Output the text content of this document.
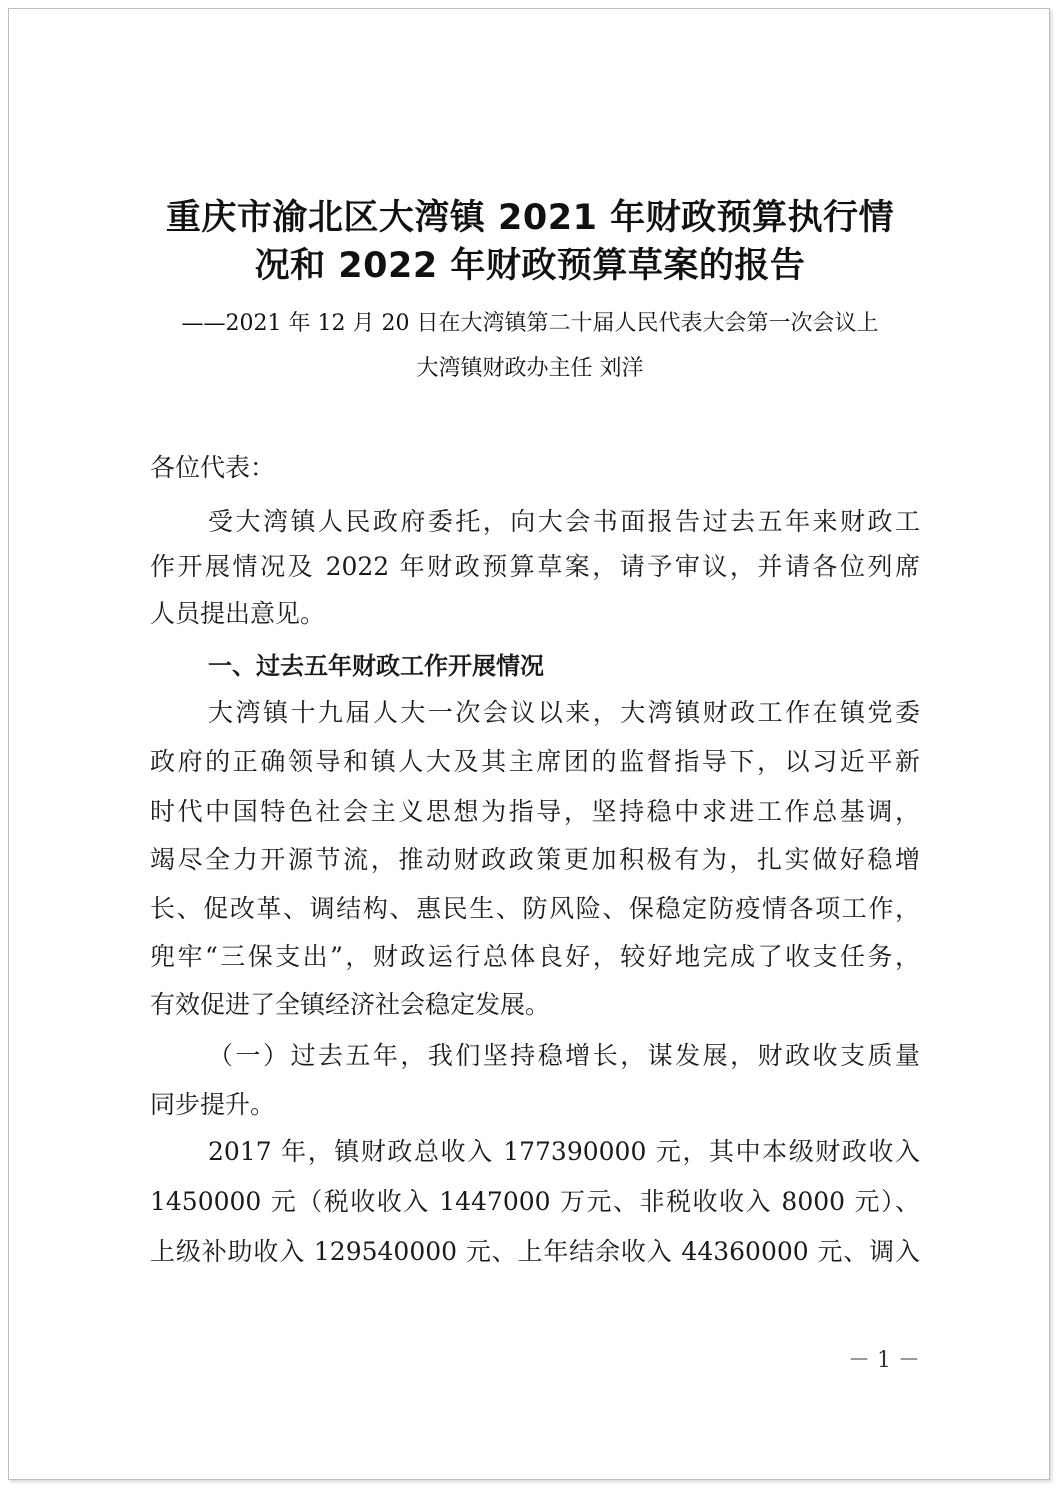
重庆市渝北区大湾镇 2021 年财政预算执行情
况和 2022 年财政预算草案的报告
——2021 年 12 月 20 日在大湾镇第二十届人民代表大会第一次会议上
大湾镇财政办主任 刘洋
各位代表：
受大湾镇人民政府委托，向大会书面报告过去五年来财政工
作开展情况及 2022 年财政预算草案，请予审议，并请各位列席
人员提出意见。
一、过去五年财政工作开展情况
大湾镇十九届人大一次会议以来，大湾镇财政工作在镇党委
政府的正确领导和镇人大及其主席团的监督指导下，以习近平新
时代中国特色社会主义思想为指导，坚持稳中求进工作总基调，
竭尽全力开源节流，推动财政政策更加积极有为，扎实做好稳增
长、促改革、调结构、惠民生、防风险、保稳定防疫情各项工作，
兜牢“三保支出”，财政运行总体良好，较好地完成了收支任务，
有效促进了全镇经济社会稳定发展。
（一）过去五年，我们坚持稳增长，谋发展，财政收支质量
同步提升。
2017 年，镇财政总收入 177390000 元，其中本级财政收入
1450000 元（税收收入 1447000 万元、非税收收入 8000 元）、
上级补助收入 129540000 元、上年结余收入 44360000 元、调入
－ 1 －
